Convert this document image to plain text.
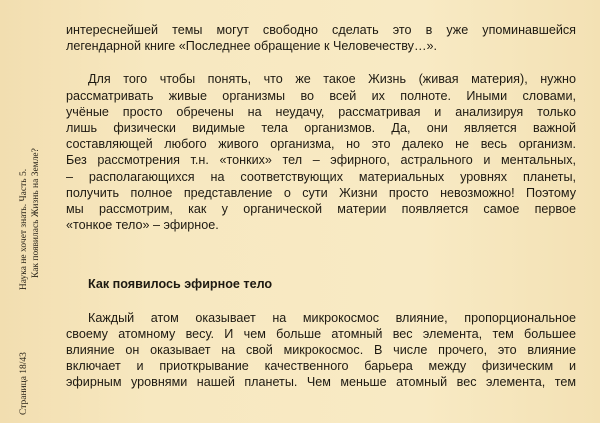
Страница 18/43Наука не хочет знать. Часть 5. Как появилась Жизнь на Земле?
интереснейшей темы могут свободно сделать это в уже упоминавшейся
легендарной книге «Последнее обращение к Человечеству…».
Для того чтобы понять, что же такое Жизнь (живая материя), нужно
рассматривать живые организмы во всей их полноте. Иными словами,
учёные просто обречены на неудачу, рассматривая и анализируя только
лишь физически видимые тела организмов. Да, они является важной
составляющей любого живого организма, но это далеко не весь организм.
Без рассмотрения т.н. «тонких» тел – эфирного, астрального и ментальных,
– располагающихся на соответствующих материальных уровнях планеты,
получить полное представление о сути Жизни просто невозможно! Поэтому
мы рассмотрим, как у органической материи появляется самое первое
«тонкое тело» – эфирное.
Как появилось эфирное тело
Каждый атом оказывает на микрокосмос влияние, пропорциональное
своему атомному весу. И чем больше атомный вес элемента, тем большее
влияние он оказывает на свой микрокосмос. В числе прочего, это влияние
включает и приоткрывание качественного барьера между физическим и
эфирным уровнями нашей планеты. Чем меньше атомный вес элемента, тем
